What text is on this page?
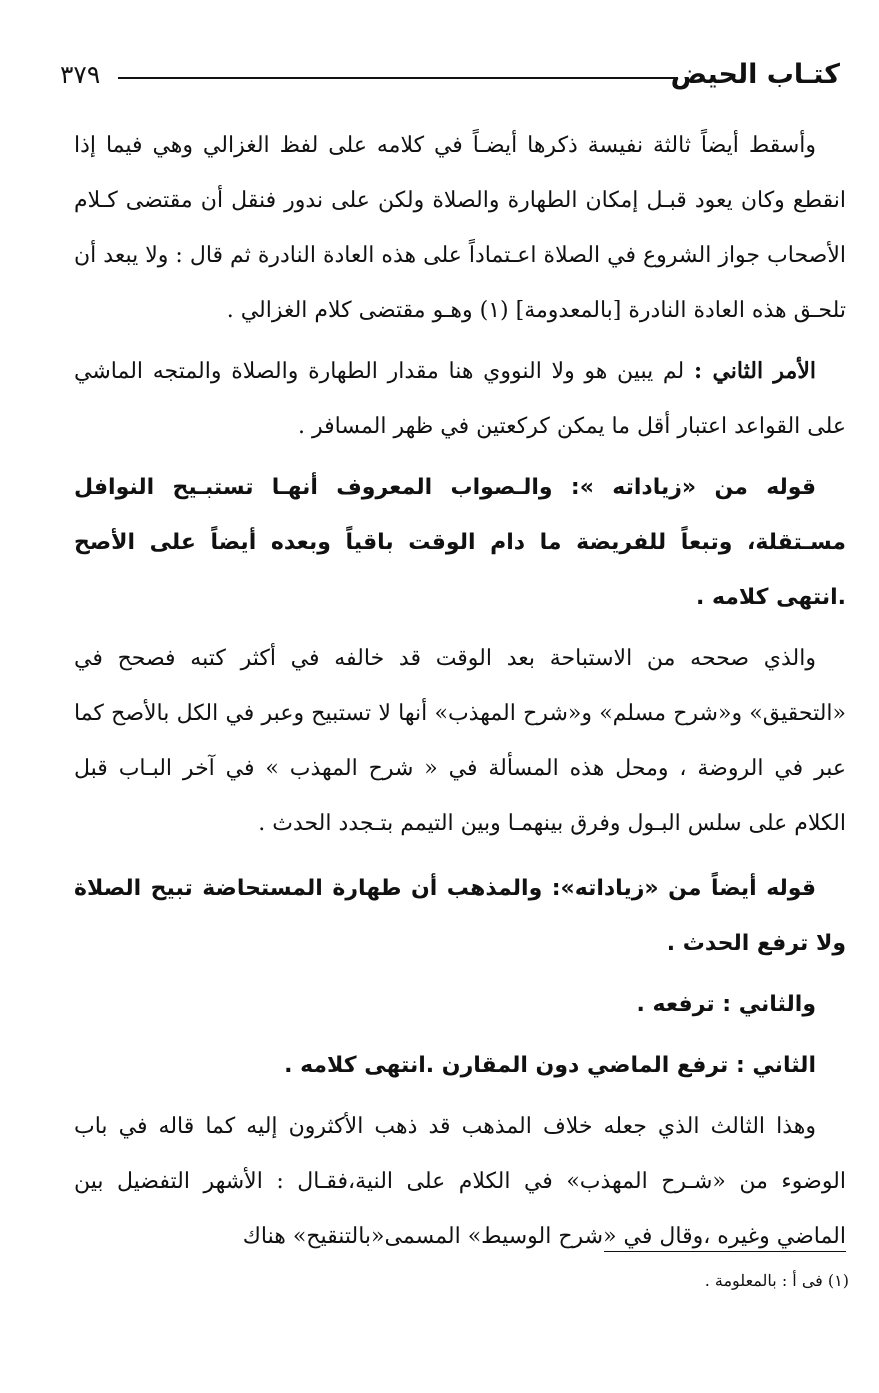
كتـاب الحيض
٣٧٩

وأسقط أيضاً ثالثة نفيسة ذكرها أيضـاً في كلامه على لفظ الغزالي وهي فيما إذا انقطع وكان يعود قبـل إمكان الطهارة والصلاة ولكن على ندور فنقل أن مقتضى كـلام الأصحاب جواز الشروع في الصلاة اعـتماداً على هذه العادة النادرة ثم قال : ولا يبعد أن تلحـق هذه العادة النادرة [بالمعدومة] (١) وهـو مقتضى كلام الغزالي .

الأمر الثاني : لم يبين هو ولا النووي هنا مقدار الطهارة والصلاة والمتجه الماشي على القواعد اعتبار أقل ما يمكن كركعتين في ظهر المسافر .

قوله من «زياداته »: والـصواب المعروف أنهـا تستبـيح النوافل مسـتقلة، وتبعاً للفريضة ما دام الوقت باقياً وبعده أيضاً على الأصح .انتهى كلامه .

والذي صححه من الاستباحة بعد الوقت قد خالفه في أكثر كتبه فصحح في «التحقيق» و«شرح مسلم» و«شرح المهذب» أنها لا تستبيح وعبر في الكل بالأصح كما عبر في الروضة ، ومحل هذه المسألة في « شرح المهذب » في آخر البـاب قبل الكلام على سلس البـول وفرق بينهمـا وبين التيمم بتـجدد الحدث .

قوله أيضاً من «زياداته»: والمذهب أن طهارة المستحاضة تبيح الصلاة ولا ترفع الحدث .

والثاني : ترفعه .

الثاني : ترفع الماضي دون المقارن .انتهى كلامه .

وهذا الثالث الذي جعله خلاف المذهب قد ذهب الأكثرون إليه كما قاله في باب الوضوء من «شـرح المهذب» في الكلام على النية،فقـال : الأشهر التفضيل بين الماضي وغيره ،وقال في «شرح الوسيط» المسمى«بالتنقيح» هناك

(١) فى أ : بالمعلومة .
